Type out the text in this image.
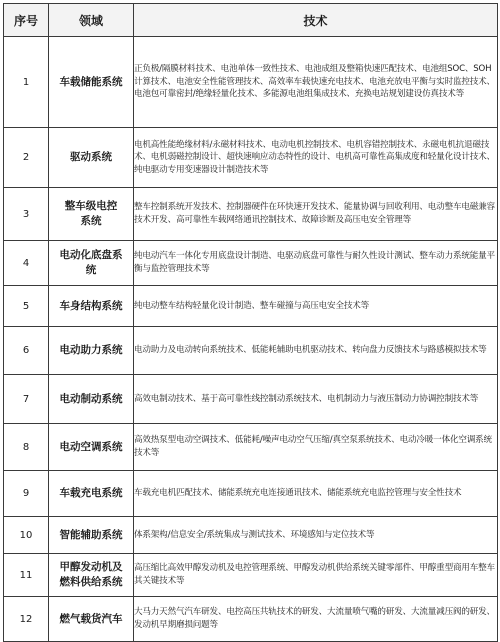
序号	领域	技术
1	车载储能系统	正负极/隔膜材料技术、电池单体一致性技术、电池成组及整箱快速匹配技术、电池组SOC、SOH计算技术、电池安全性能管理技术、高效率车载快速充电技术、电池充放电平衡与实时监控技术、电池包可靠密封/绝缘轻量化技术、多能源电池组集成技术、充换电站规划建设仿真技术等
2	驱动系统	电机高性能绝缘材料/永磁材料技术、电动电机控制技术、电机容错控制技术、永磁电机抗退磁技术、电机弱磁控制设计、超快速响应动态特性的设计、电机高可靠性高集成度和轻量化设计技术、纯电驱动专用变速器设计制造技术等
3	整车级电控系统	整车控制系统开发技术、控制器硬件在环快速开发技术、能量协调与回收利用、电动整车电磁兼容技术开发、高可靠性车载网络通讯控制技术、故障诊断及高压电安全管理等
4	电动化底盘系统	纯电动汽车一体化专用底盘设计制造、电驱动底盘可靠性与耐久性设计测试、整车动力系统能量平衡与监控管理技术等
5	车身结构系统	纯电动整车结构轻量化设计制造、整车碰撞与高压电安全技术等
6	电动助力系统	电动助力及电动转向系统技术、低能耗辅助电机驱动技术、转向盘力反馈技术与路感模拟技术等
7	电动制动系统	高效电制动技术、基于高可靠性线控制动系统技术、电机制动力与液压制动力协调控制技术等
8	电动空调系统	高效热泵型电动空调技术、低能耗/噪声电动空气压缩/真空泵系统技术、电动冷暖一体化空调系统技术等
9	车载充电系统	车载充电机匹配技术、储能系统充电连接通讯技术、储能系统充电监控管理与安全性技术
10	智能辅助系统	体系架构/信息安全/系统集成与测试技术、环境感知与定位技术等
11	甲醇发动机及燃料供给系统	高压缩比高效甲醇发动机及电控管理系统、甲醇发动机供给系统关键零部件、甲醇重型商用车整车其关键技术等
12	燃气载货汽车	大马力天然气汽车研发、电控高压共轨技术的研发、大流量喷气嘴的研发、大流量减压阀的研发、发动机早期磨损问题等
